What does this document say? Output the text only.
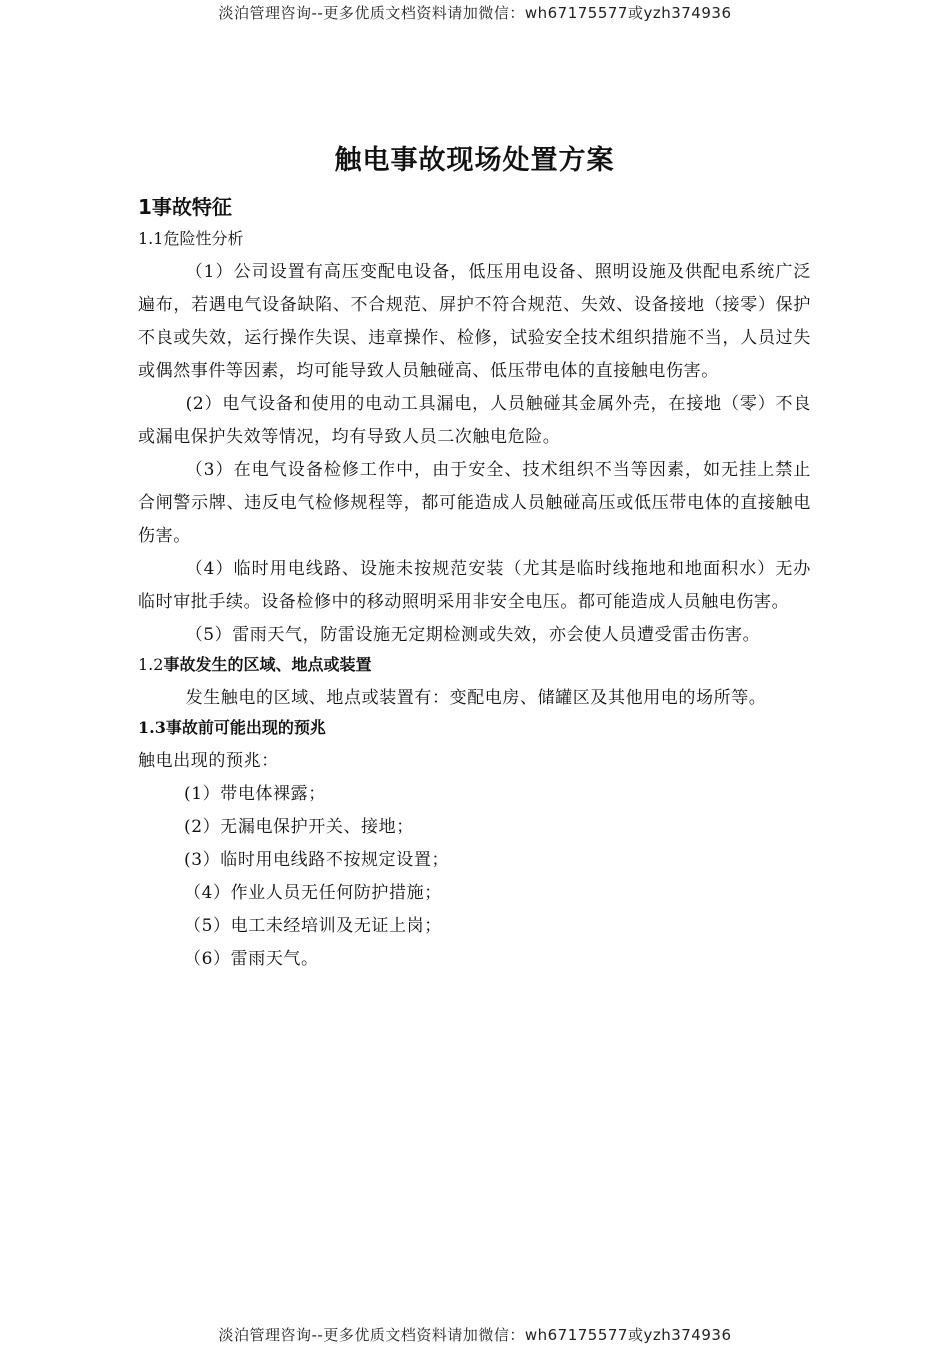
淡泊管理咨询--更多优质文档资料请加微信：wh67175577或yzh374936
触电事故现场处置方案
1事故特征
1.1危险性分析

（1）公司设置有高压变配电设备，低压用电设备、照明设施及供配电系统广泛遍布，若遇电气设备缺陷、不合规范、屏护不符合规范、失效、设备接地（接零）保护不良或失效，运行操作失误、违章操作、检修，试验安全技术组织措施不当，人员过失或偶然事件等因素，均可能导致人员触碰高、低压带电体的直接触电伤害。

(2）电气设备和使用的电动工具漏电，人员触碰其金属外壳，在接地（零）不良或漏电保护失效等情况，均有导致人员二次触电危险。

（3）在电气设备检修工作中，由于安全、技术组织不当等因素，如无挂上禁止合闸警示牌、违反电气检修规程等，都可能造成人员触碰高压或低压带电体的直接触电伤害。

（4）临时用电线路、设施未按规范安装（尤其是临时线拖地和地面积水）无办临时审批手续。设备检修中的移动照明采用非安全电压。都可能造成人员触电伤害。

（5）雷雨天气，防雷设施无定期检测或失效，亦会使人员遭受雷击伤害。

1.2事故发生的区域、地点或装置

发生触电的区域、地点或装置有：变配电房、储罐区及其他用电的场所等。

1.3事故前可能出现的预兆

触电出现的预兆：

(1）带电体裸露；
(2）无漏电保护开关、接地；
(3）临时用电线路不按规定设置；
（4）作业人员无任何防护措施；
（5）电工未经培训及无证上岗；
（6）雷雨天气。
淡泊管理咨询--更多优质文档资料请加微信：wh67175577或yzh374936
